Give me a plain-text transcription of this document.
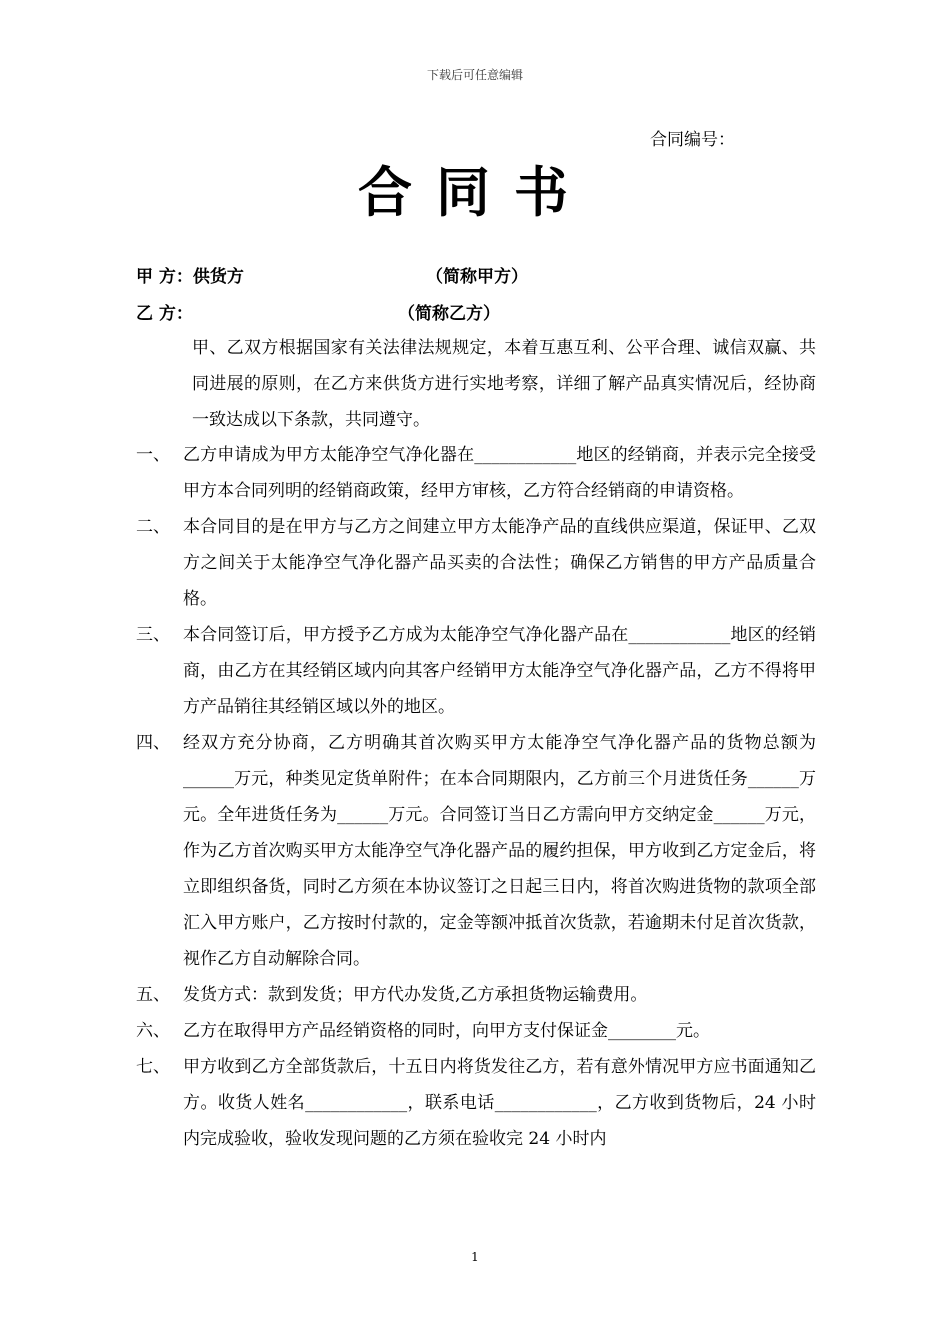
下载后可任意编辑
合同编号：
合同书
甲 方：供货方	（简称甲方）
乙 方：	（简称乙方）
甲、乙双方根据国家有关法律法规规定，本着互惠互利、公平合理、诚信双赢、共同进展的原则，在乙方来供货方进行实地考察，详细了解产品真实情况后，经协商一致达成以下条款，共同遵守。
一、 乙方申请成为甲方太能净空气净化器在____________地区的经销商，并表示完全接受甲方本合同列明的经销商政策，经甲方审核，乙方符合经销商的申请资格。
二、 本合同目的是在甲方与乙方之间建立甲方太能净产品的直线供应渠道，保证甲、乙双方之间关于太能净空气净化器产品买卖的合法性；确保乙方销售的甲方产品质量合格。
三、 本合同签订后，甲方授予乙方成为太能净空气净化器产品在____________地区的经销商，由乙方在其经销区域内向其客户经销甲方太能净空气净化器产品，乙方不得将甲方产品销往其经销区域以外的地区。
四、 经双方充分协商，乙方明确其首次购买甲方太能净空气净化器产品的货物总额为______万元，种类见定货单附件；在本合同期限内，乙方前三个月进货任务______万元。全年进货任务为______万元。合同签订当日乙方需向甲方交纳定金______万元，作为乙方首次购买甲方太能净空气净化器产品的履约担保，甲方收到乙方定金后，将立即组织备货，同时乙方须在本协议签订之日起三日内，将首次购进货物的款项全部汇入甲方账户，乙方按时付款的，定金等额冲抵首次货款，若逾期未付足首次货款，视作乙方自动解除合同。
五、 发货方式：款到发货；甲方代办发货,乙方承担货物运输费用。
六、 乙方在取得甲方产品经销资格的同时，向甲方支付保证金________元。
七、 甲方收到乙方全部货款后，十五日内将货发往乙方，若有意外情况甲方应书面通知乙方。收货人姓名____________，联系电话____________，乙方收到货物后，24 小时内完成验收，验收发现问题的乙方须在验收完 24 小时内
1
